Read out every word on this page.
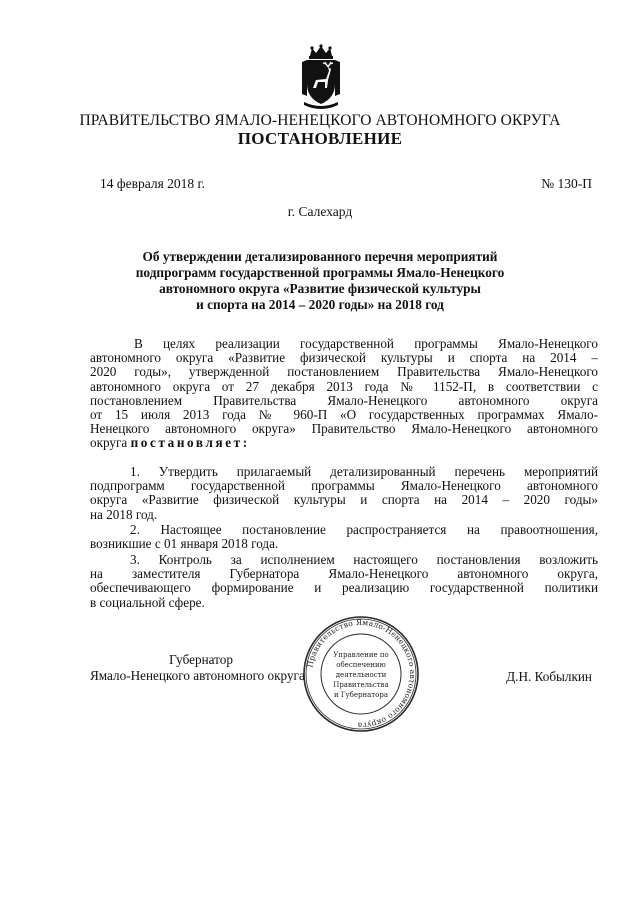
ПРАВИТЕЛЬСТВО ЯМАЛО-НЕНЕЦКОГО АВТОНОМНОГО ОКРУГА
ПОСТАНОВЛЕНИЕ
14 февраля 2018 г.	№ 130-П
г. Салехард
Об утверждении детализированного перечня мероприятий
подпрограмм государственной программы Ямало-Ненецкого
автономного округа «Развитие физической культуры
и спорта на 2014 – 2020 годы» на 2018 год
В целях реализации государственной программы Ямало-Ненецкого
автономного округа «Развитие физической культуры и спорта на 2014 –
2020 годы», утвержденной постановлением Правительства Ямало-Ненецкого
автономного округа от 27 декабря 2013 года № 1152-П, в соответствии с
постановлением Правительства Ямало-Ненецкого автономного округа
от 15 июля 2013 года № 960-П «О государственных программах Ямало-
Ненецкого автономного округа» Правительство Ямало-Ненецкого автономного
округа постановляет:
1. Утвердить прилагаемый детализированный перечень мероприятий
подпрограмм государственной программы Ямало-Ненецкого автономного
округа «Развитие физической культуры и спорта на 2014 – 2020 годы»
на 2018 год.
2. Настоящее постановление распространяется на правоотношения,
возникшие с 01 января 2018 года.
3. Контроль за исполнением настоящего постановления возложить
на заместителя Губернатора Ямало-Ненецкого автономного округа,
обеспечивающего формирование и реализацию государственной политики
в социальной сфере.
Губернатор
Ямало-Ненецкого автономного округа	Д.Н. Кобылкин
Правительство Ямало-Ненецкого автономного округа
Управление по
обеспечению
деятельности
Правительства
и Губернатора
